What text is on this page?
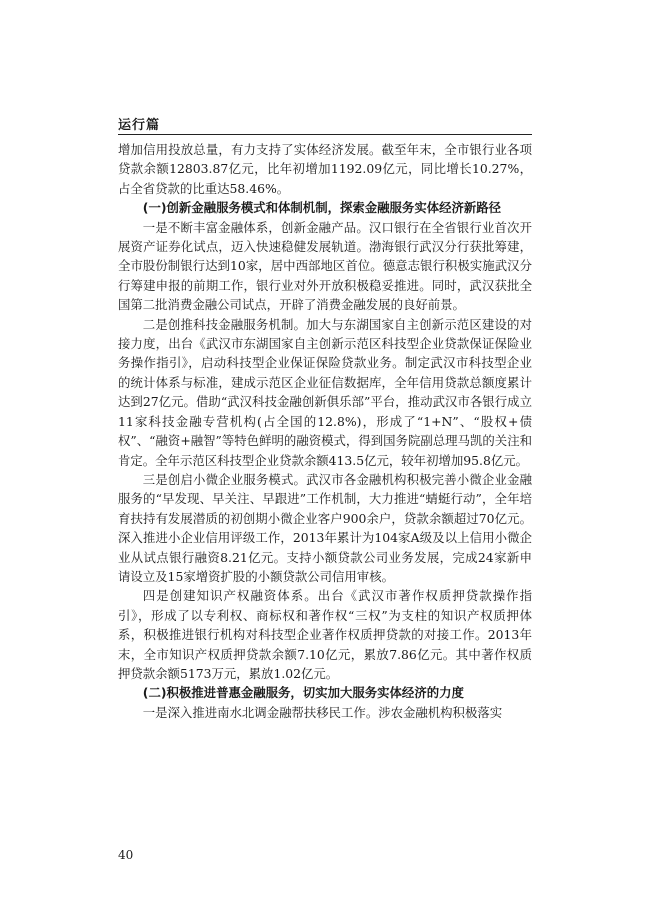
运行篇

增加信用投放总量，有力支持了实体经济发展。截至年末，全市银行业各项贷款余额12803.87亿元，比年初增加1192.09亿元，同比增长10.27%，占全省贷款的比重达58.46%。

(一)创新金融服务模式和体制机制，探索金融服务实体经济新路径

一是不断丰富金融体系，创新金融产品。汉口银行在全省银行业首次开展资产证券化试点，迈入快速稳健发展轨道。渤海银行武汉分行获批筹建，全市股份制银行达到10家，居中西部地区首位。德意志银行积极实施武汉分行筹建申报的前期工作，银行业对外开放积极稳妥推进。同时，武汉获批全国第二批消费金融公司试点，开辟了消费金融发展的良好前景。

二是创推科技金融服务机制。加大与东湖国家自主创新示范区建设的对接力度，出台《武汉市东湖国家自主创新示范区科技型企业贷款保证保险业务操作指引》，启动科技型企业保证保险贷款业务。制定武汉市科技型企业的统计体系与标准，建成示范区企业征信数据库，全年信用贷款总额度累计达到27亿元。借助“武汉科技金融创新俱乐部”平台，推动武汉市各银行成立11家科技金融专营机构(占全国的12.8%)，形成了“1+N”、“股权+债权”、“融资+融智”等特色鲜明的融资模式，得到国务院副总理马凯的关注和肯定。全年示范区科技型企业贷款余额413.5亿元，较年初增加95.8亿元。

三是创启小微企业服务模式。武汉市各金融机构积极完善小微企业金融服务的“早发现、早关注、早跟进”工作机制，大力推进“蜻蜓行动”，全年培育扶持有发展潜质的初创期小微企业客户900余户，贷款余额超过70亿元。深入推进小企业信用评级工作，2013年累计为104家A级及以上信用小微企业从试点银行融资8.21亿元。支持小额贷款公司业务发展，完成24家新申请设立及15家增资扩股的小额贷款公司信用审核。

四是创建知识产权融资体系。出台《武汉市著作权质押贷款操作指引》，形成了以专利权、商标权和著作权“三权”为支柱的知识产权质押体系，积极推进银行机构对科技型企业著作权质押贷款的对接工作。2013年末，全市知识产权质押贷款余额7.10亿元，累放7.86亿元。其中著作权质押贷款余额5173万元，累放1.02亿元。

(二)积极推进普惠金融服务，切实加大服务实体经济的力度

一是深入推进南水北调金融帮扶移民工作。涉农金融机构积极落实

40
